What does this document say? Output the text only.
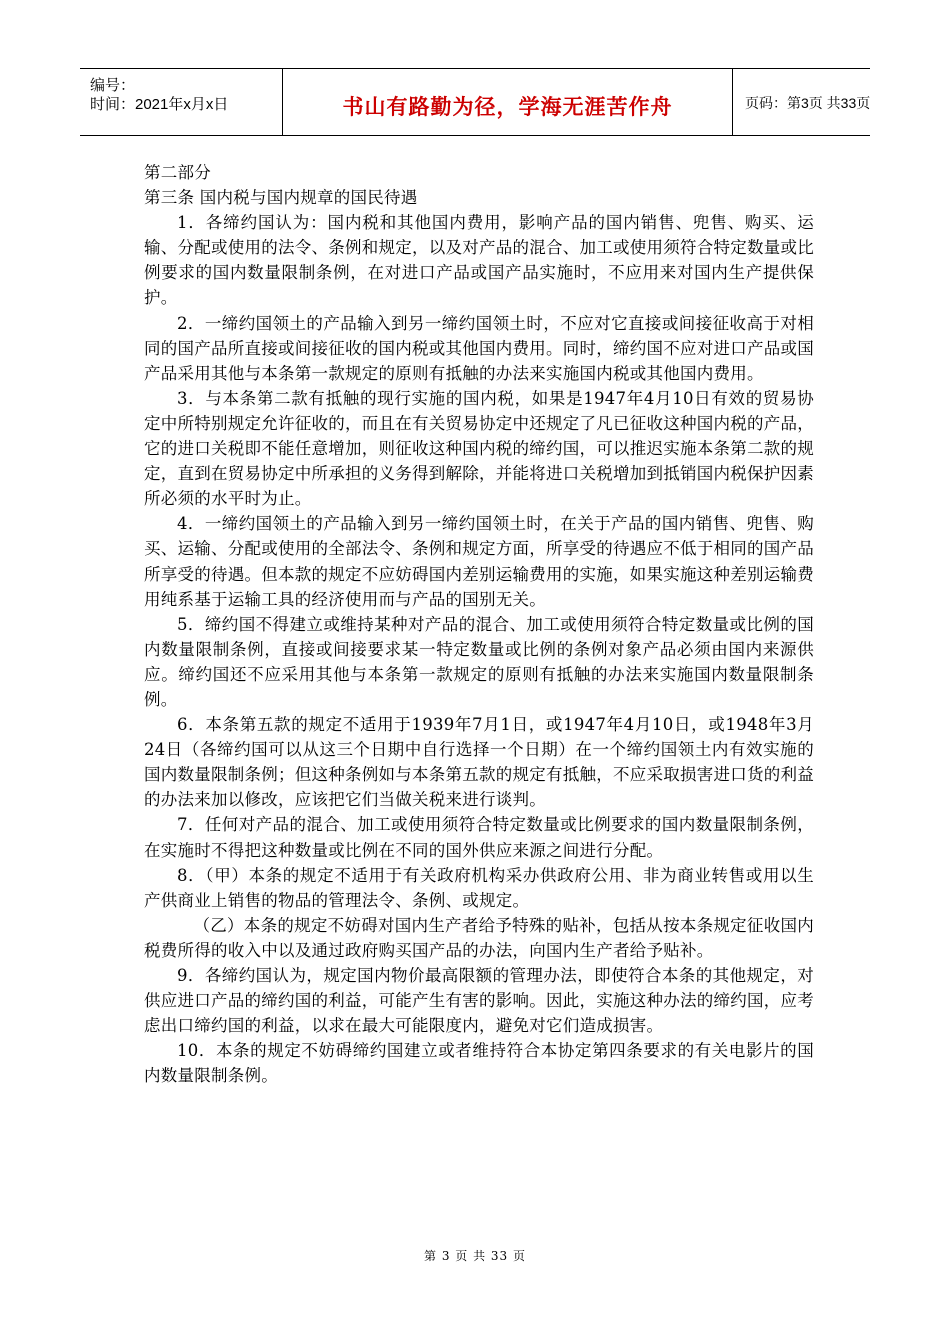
编号：
时间：2021年x月x日	书山有路勤为径，学海无涯苦作舟	页码：第3页 共33页

第二部分

第三条 国内税与国内规章的国民待遇

1．各缔约国认为：国内税和其他国内费用，影响产品的国内销售、兜售、购买、运输、分配或使用的法令、条例和规定，以及对产品的混合、加工或使用须符合特定数量或比例要求的国内数量限制条例，在对进口产品或国产品实施时，不应用来对国内生产提供保护。

2．一缔约国领土的产品输入到另一缔约国领土时，不应对它直接或间接征收高于对相同的国产品所直接或间接征收的国内税或其他国内费用。同时，缔约国不应对进口产品或国产品采用其他与本条第一款规定的原则有抵触的办法来实施国内税或其他国内费用。

3．与本条第二款有抵触的现行实施的国内税，如果是1947年4月10日有效的贸易协定中所特别规定允许征收的，而且在有关贸易协定中还规定了凡已征收这种国内税的产品，它的进口关税即不能任意增加，则征收这种国内税的缔约国，可以推迟实施本条第二款的规定，直到在贸易协定中所承担的义务得到解除，并能将进口关税增加到抵销国内税保护因素所必须的水平时为止。

4．一缔约国领土的产品输入到另一缔约国领土时，在关于产品的国内销售、兜售、购买、运输、分配或使用的全部法令、条例和规定方面，所享受的待遇应不低于相同的国产品所享受的待遇。但本款的规定不应妨碍国内差别运输费用的实施，如果实施这种差别运输费用纯系基于运输工具的经济使用而与产品的国别无关。

5．缔约国不得建立或维持某种对产品的混合、加工或使用须符合特定数量或比例的国内数量限制条例，直接或间接要求某一特定数量或比例的条例对象产品必须由国内来源供应。缔约国还不应采用其他与本条第一款规定的原则有抵触的办法来实施国内数量限制条例。

6．本条第五款的规定不适用于1939年7月1日，或1947年4月10日，或1948年3月24日（各缔约国可以从这三个日期中自行选择一个日期）在一个缔约国领土内有效实施的国内数量限制条例；但这种条例如与本条第五款的规定有抵触，不应采取损害进口货的利益的办法来加以修改，应该把它们当做关税来进行谈判。

7．任何对产品的混合、加工或使用须符合特定数量或比例要求的国内数量限制条例，在实施时不得把这种数量或比例在不同的国外供应来源之间进行分配。

8．（甲）本条的规定不适用于有关政府机构采办供政府公用、非为商业转售或用以生产供商业上销售的物品的管理法令、条例、或规定。

（乙）本条的规定不妨碍对国内生产者给予特殊的贴补，包括从按本条规定征收国内税费所得的收入中以及通过政府购买国产品的办法，向国内生产者给予贴补。

9．各缔约国认为，规定国内物价最高限额的管理办法，即使符合本条的其他规定，对供应进口产品的缔约国的利益，可能产生有害的影响。因此，实施这种办法的缔约国，应考虑出口缔约国的利益，以求在最大可能限度内，避免对它们造成损害。

10．本条的规定不妨碍缔约国建立或者维持符合本协定第四条要求的有关电影片的国内数量限制条例。

第 3 页 共 33 页
